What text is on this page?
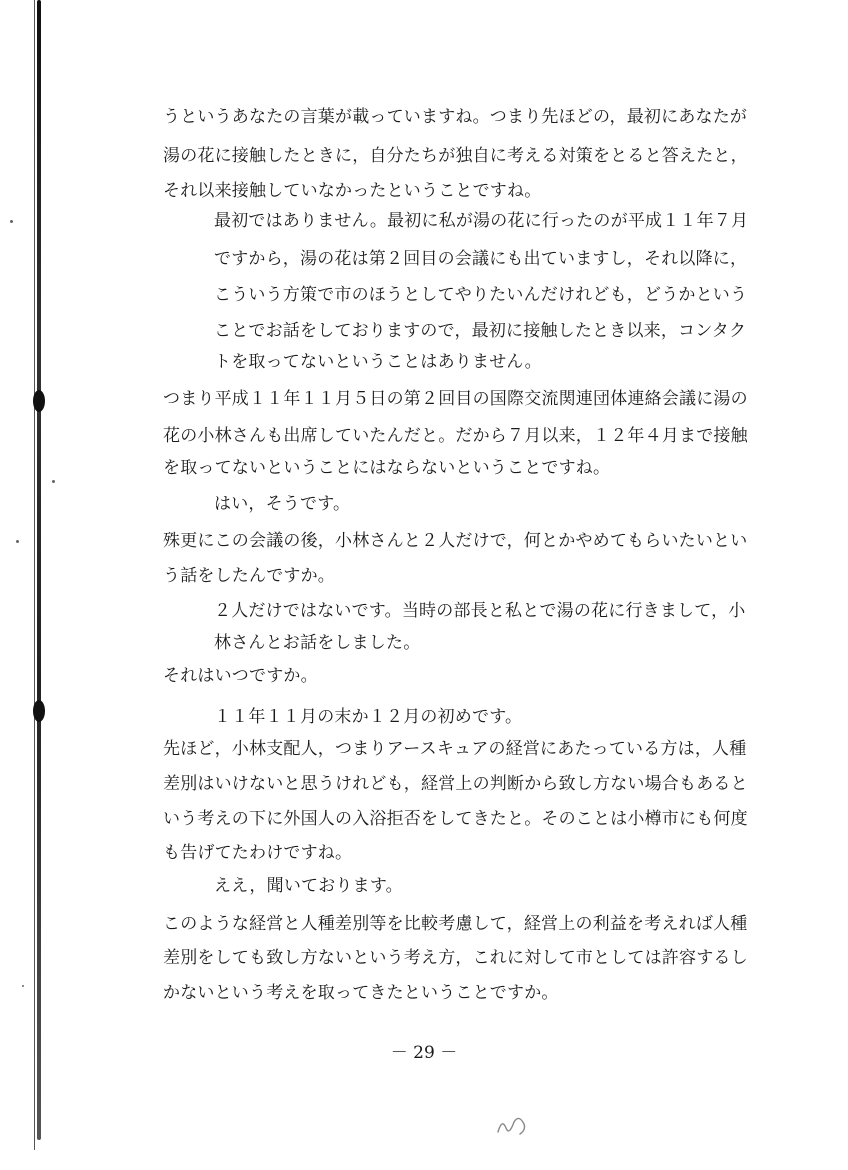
うというあなたの言葉が載っていますね。つまり先ほどの，最初にあなたが
湯の花に接触したときに，自分たちが独自に考える対策をとると答えたと，
それ以来接触していなかったということですね。
最初ではありません。最初に私が湯の花に行ったのが平成１１年７月
ですから，湯の花は第２回目の会議にも出ていますし，それ以降に，
こういう方策で市のほうとしてやりたいんだけれども，どうかという
ことでお話をしておりますので，最初に接触したとき以来，コンタク
トを取ってないということはありません。
つまり平成１１年１１月５日の第２回目の国際交流関連団体連絡会議に湯の
花の小林さんも出席していたんだと。だから７月以来，１２年４月まで接触
を取ってないということにはならないということですね。
はい，そうです。
殊更にこの会議の後，小林さんと２人だけで，何とかやめてもらいたいとい
う話をしたんですか。
２人だけではないです。当時の部長と私とで湯の花に行きまして，小
林さんとお話をしました。
それはいつですか。
１１年１１月の末か１２月の初めです。
先ほど，小林支配人，つまりアースキュアの経営にあたっている方は，人種
差別はいけないと思うけれども，経営上の判断から致し方ない場合もあると
いう考えの下に外国人の入浴拒否をしてきたと。そのことは小樽市にも何度
も告げてたわけですね。
ええ，聞いております。
このような経営と人種差別等を比較考慮して，経営上の利益を考えれば人種
差別をしても致し方ないという考え方，これに対して市としては許容するし
かないという考えを取ってきたということですか。
－ 29 －
